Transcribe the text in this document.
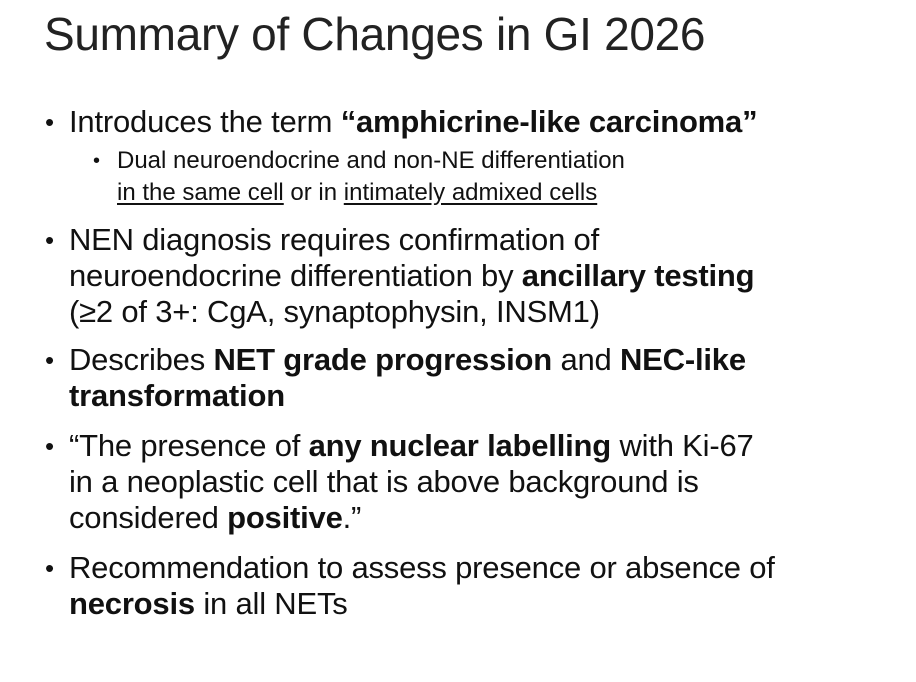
Summary of Changes in GI 2026
• Introduces the term “amphicrine-like carcinoma”
• Dual neuroendocrine and non-NE differentiation
in the same cell or in intimately admixed cells
• NEN diagnosis requires confirmation of
neuroendocrine differentiation by ancillary testing
(≥2 of 3+: CgA, synaptophysin, INSM1)
• Describes NET grade progression and NEC-like
transformation
• “The presence of any nuclear labelling with Ki-67
in a neoplastic cell that is above background is
considered positive.”
• Recommendation to assess presence or absence of
necrosis in all NETs
